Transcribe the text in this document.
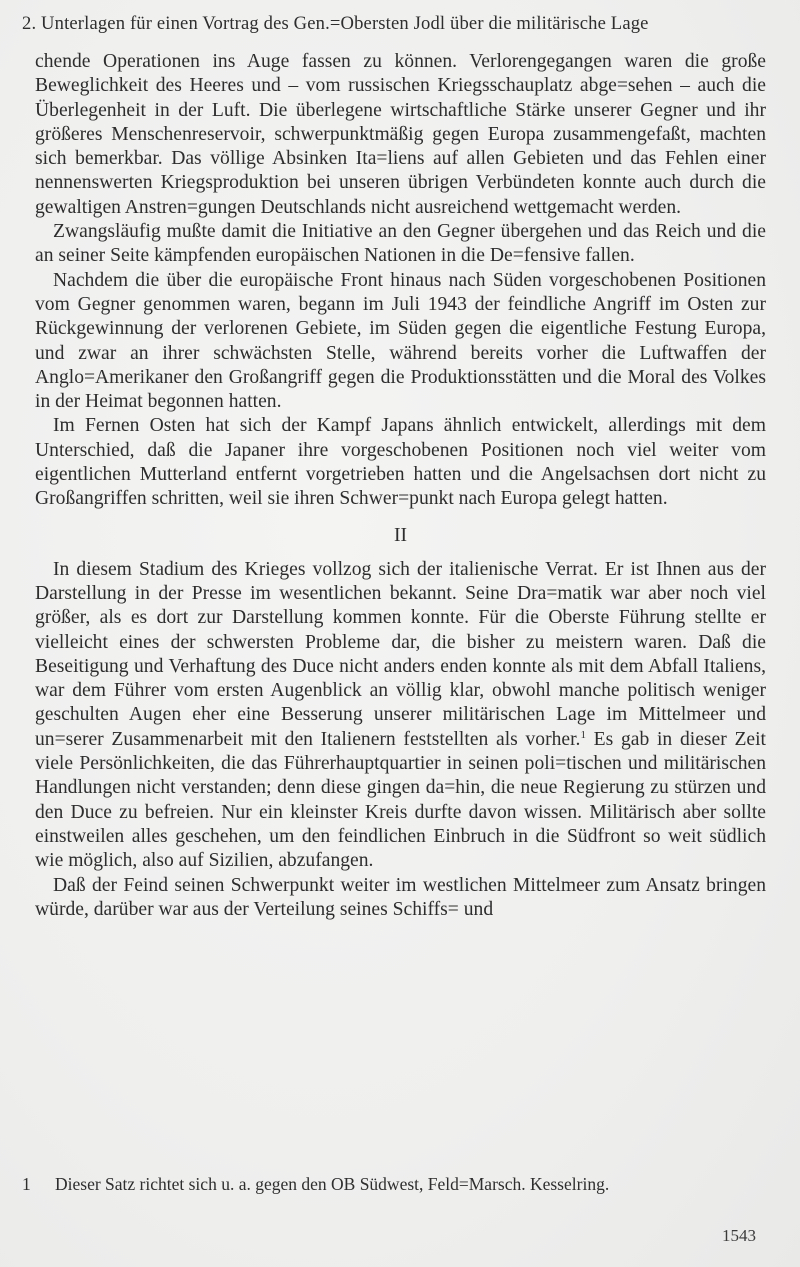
2. Unterlagen für einen Vortrag des Gen.=Obersten Jodl über die militärische Lage

chende Operationen ins Auge fassen zu können. Verlorengegangen waren die große Beweglichkeit des Heeres und – vom russischen Kriegsschauplatz abge=sehen – auch die Überlegenheit in der Luft. Die überlegene wirtschaftliche Stärke unserer Gegner und ihr größeres Menschenreservoir, schwerpunktmäßig gegen Europa zusammengefaßt, machten sich bemerkbar. Das völlige Absinken Ita=liens auf allen Gebieten und das Fehlen einer nennenswerten Kriegsproduktion bei unseren übrigen Verbündeten konnte auch durch die gewaltigen Anstren=gungen Deutschlands nicht ausreichend wettgemacht werden.

Zwangsläufig mußte damit die Initiative an den Gegner übergehen und das Reich und die an seiner Seite kämpfenden europäischen Nationen in die De=fensive fallen.

Nachdem die über die europäische Front hinaus nach Süden vorgeschobenen Positionen vom Gegner genommen waren, begann im Juli 1943 der feindliche Angriff im Osten zur Rückgewinnung der verlorenen Gebiete, im Süden gegen die eigentliche Festung Europa, und zwar an ihrer schwächsten Stelle, während bereits vorher die Luftwaffen der Anglo=Amerikaner den Großangriff gegen die Produktionsstätten und die Moral des Volkes in der Heimat begonnen hatten.

Im Fernen Osten hat sich der Kampf Japans ähnlich entwickelt, allerdings mit dem Unterschied, daß die Japaner ihre vorgeschobenen Positionen noch viel weiter vom eigentlichen Mutterland entfernt vorgetrieben hatten und die Angelsachsen dort nicht zu Großangriffen schritten, weil sie ihren Schwer=punkt nach Europa gelegt hatten.

II

In diesem Stadium des Krieges vollzog sich der italienische Verrat. Er ist Ihnen aus der Darstellung in der Presse im wesentlichen bekannt. Seine Dra=matik war aber noch viel größer, als es dort zur Darstellung kommen konnte. Für die Oberste Führung stellte er vielleicht eines der schwersten Probleme dar, die bisher zu meistern waren. Daß die Beseitigung und Verhaftung des Duce nicht anders enden konnte als mit dem Abfall Italiens, war dem Führer vom ersten Augenblick an völlig klar, obwohl manche politisch weniger geschulten Augen eher eine Besserung unserer militärischen Lage im Mittelmeer und un=serer Zusammenarbeit mit den Italienern feststellten als vorher.$^1$ Es gab in dieser Zeit viele Persönlichkeiten, die das Führerhauptquartier in seinen poli=tischen und militärischen Handlungen nicht verstanden; denn diese gingen da=hin, die neue Regierung zu stürzen und den Duce zu befreien. Nur ein kleinster Kreis durfte davon wissen. Militärisch aber sollte einstweilen alles geschehen, um den feindlichen Einbruch in die Südfront so weit südlich wie möglich, also auf Sizilien, abzufangen.

Daß der Feind seinen Schwerpunkt weiter im westlichen Mittelmeer zum Ansatz bringen würde, darüber war aus der Verteilung seines Schiffs= und

1 Dieser Satz richtet sich u. a. gegen den OB Südwest, Feld=Marsch. Kesselring.
1543
